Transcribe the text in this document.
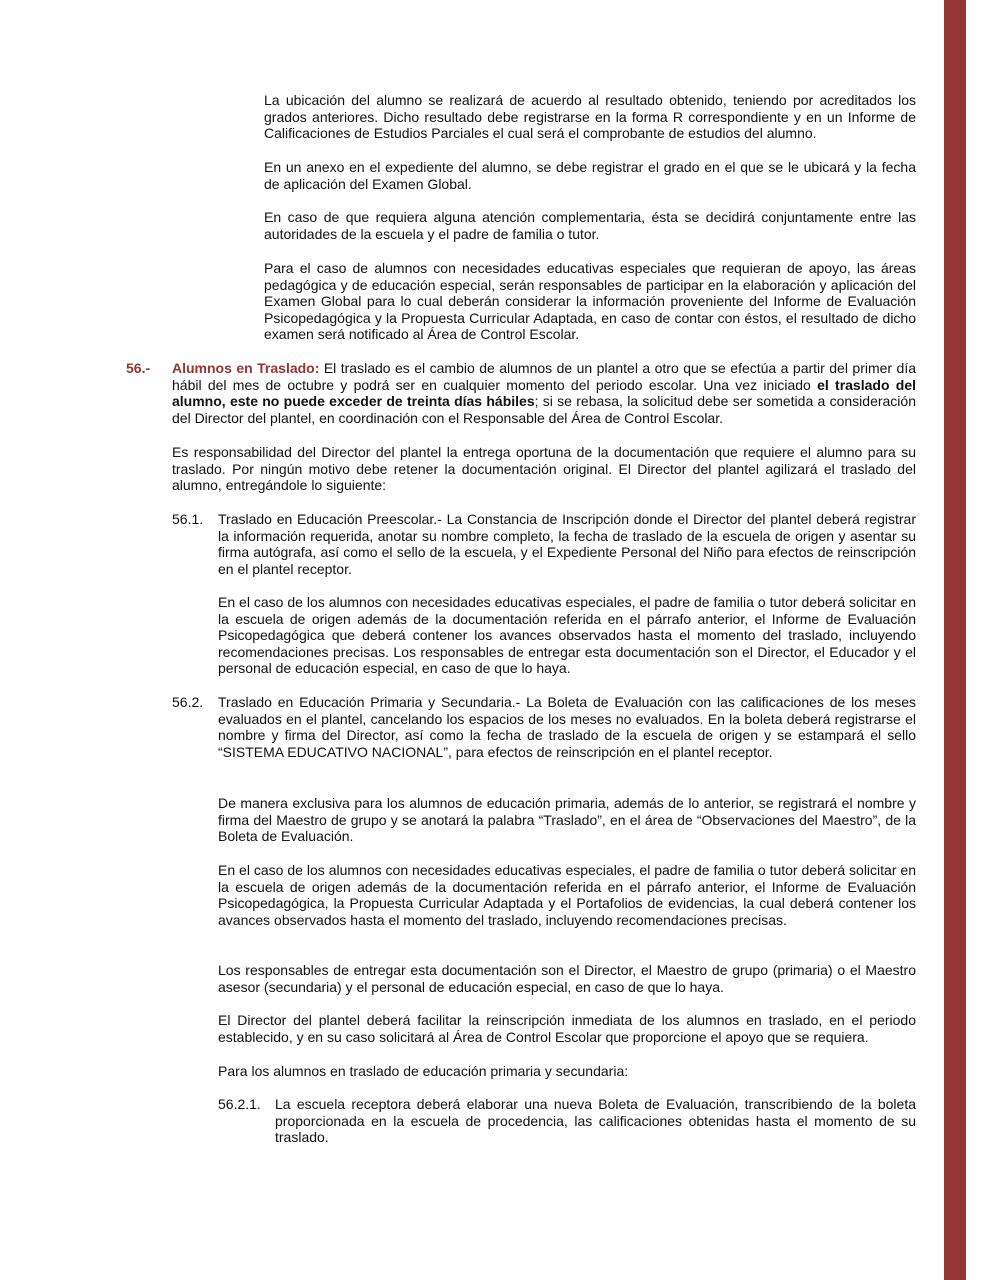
La ubicación del alumno se realizará de acuerdo al resultado obtenido, teniendo por acreditados los grados anteriores. Dicho resultado debe registrarse en la forma R correspondiente y en un Informe de Calificaciones de Estudios Parciales el cual será el comprobante de estudios del alumno.

En un anexo en el expediente del alumno, se debe registrar el grado en el que se le ubicará y la fecha de aplicación del Examen Global.

En caso de que requiera alguna atención complementaria, ésta se decidirá conjuntamente entre las autoridades de la escuela y el padre de familia o tutor.

Para el caso de alumnos con necesidades educativas especiales que requieran de apoyo, las áreas pedagógica y de educación especial, serán responsables de participar en la elaboración y aplicación del Examen Global para lo cual deberán considerar la información proveniente del Informe de Evaluación Psicopedagógica y la Propuesta Curricular Adaptada, en caso de contar con éstos, el resultado de dicho examen será notificado al Área de Control Escolar.

56.-	Alumnos en Traslado: El traslado es el cambio de alumnos de un plantel a otro que se efectúa a partir del primer día hábil del mes de octubre y podrá ser en cualquier momento del periodo escolar. Una vez iniciado el traslado del alumno, este no puede exceder de treinta días hábiles; si se rebasa, la solicitud debe ser sometida a consideración del Director del plantel, en coordinación con el Responsable del Área de Control Escolar.

Es responsabilidad del Director del plantel la entrega oportuna de la documentación que requiere el alumno para su traslado. Por ningún motivo debe retener la documentación original. El Director del plantel agilizará el traslado del alumno, entregándole lo siguiente:

56.1.	Traslado en Educación Preescolar.- La Constancia de Inscripción donde el Director del plantel deberá registrar la información requerida, anotar su nombre completo, la fecha de traslado de la escuela de origen y asentar su firma autógrafa, así como el sello de la escuela, y el Expediente Personal del Niño para efectos de reinscripción en el plantel receptor.

En el caso de los alumnos con necesidades educativas especiales, el padre de familia o tutor deberá solicitar en la escuela de origen además de la documentación referida en el párrafo anterior, el Informe de Evaluación Psicopedagógica que deberá contener los avances observados hasta el momento del traslado, incluyendo recomendaciones precisas. Los responsables de entregar esta documentación son el Director, el Educador y el personal de educación especial, en caso de que lo haya.

56.2.	Traslado en Educación Primaria y Secundaria.- La Boleta de Evaluación con las calificaciones de los meses evaluados en el plantel, cancelando los espacios de los meses no evaluados. En la boleta deberá registrarse el nombre y firma del Director, así como la fecha de traslado de la escuela de origen y se estampará el sello “SISTEMA EDUCATIVO NACIONAL”, para efectos de reinscripción en el plantel receptor.

De manera exclusiva para los alumnos de educación primaria, además de lo anterior, se registrará el nombre y firma del Maestro de grupo y se anotará la palabra “Traslado”, en el área de “Observaciones del Maestro”, de la Boleta de Evaluación.

En el caso de los alumnos con necesidades educativas especiales, el padre de familia o tutor deberá solicitar en la escuela de origen además de la documentación referida en el párrafo anterior, el Informe de Evaluación Psicopedagógica, la Propuesta Curricular Adaptada y el Portafolios de evidencias, la cual deberá contener los avances observados hasta el momento del traslado, incluyendo recomendaciones precisas.

Los responsables de entregar esta documentación son el Director, el Maestro de grupo (primaria) o el Maestro asesor (secundaria) y el personal de educación especial, en caso de que lo haya.

El Director del plantel deberá facilitar la reinscripción inmediata de los alumnos en traslado, en el periodo establecido, y en su caso solicitará al Área de Control Escolar que proporcione el apoyo que se requiera.

Para los alumnos en traslado de educación primaria y secundaria:

56.2.1.	La escuela receptora deberá elaborar una nueva Boleta de Evaluación, transcribiendo de la boleta proporcionada en la escuela de procedencia, las calificaciones obtenidas hasta el momento de su traslado.
